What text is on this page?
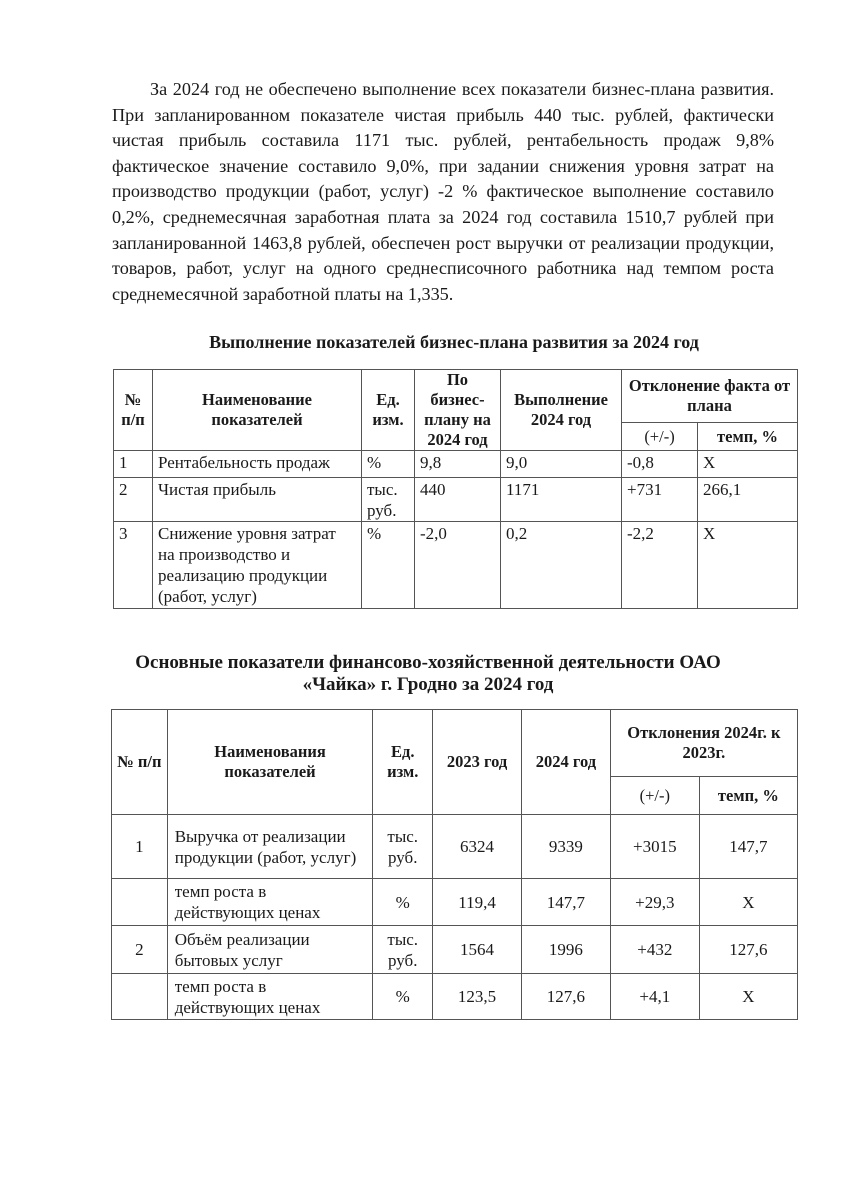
За 2024 год не обеспечено выполнение всех показатели бизнес-плана развития. При запланированном показателе чистая прибыль 440 тыс. рублей, фактически чистая прибыль составила 1171 тыс. рублей, рентабельность продаж 9,8% фактическое значение составило 9,0%, при задании снижения уровня затрат на производство продукции (работ, услуг) -2 % фактическое выполнение составило 0,2%, среднемесячная заработная плата за 2024 год составила 1510,7 рублей при запланированной 1463,8 рублей, обеспечен рост выручки от реализации продукции, товаров, работ, услуг на одного среднесписочного работника над темпом роста среднемесячной заработной платы на 1,335.

Выполнение показателей бизнес-плана развития за 2024 год

№ п/п	Наименование показателей	Ед. изм.	По бизнес-плану на 2024 год	Выполнение 2024 год	Отклонение факта от плана	
					(+/-)	темп, %
1	Рентабельность продаж	%	9,8	9,0	-0,8	Х
2	Чистая прибыль	тыс. руб.	440	1171	+731	266,1
3	Снижение уровня затрат на производство и реализацию продукции (работ, услуг)	%	-2,0	0,2	-2,2	Х
Основные показатели финансово-хозяйственной деятельности ОАО
«Чайка» г. Гродно за 2024 год
№ п/п	Наименования показателей	Ед. изм.	2023 год	2024 год	Отклонения 2024г. к 2023г.	
					(+/-)	темп, %
1	Выручка от реализации продукции (работ, услуг)	тыс. руб.	6324	9339	+3015	147,7
	темп роста в действующих ценах	%	119,4	147,7	+29,3	Х
2	Объём реализации бытовых услуг	тыс. руб.	1564	1996	+432	127,6
	темп роста в действующих ценах	%	123,5	127,6	+4,1	Х
